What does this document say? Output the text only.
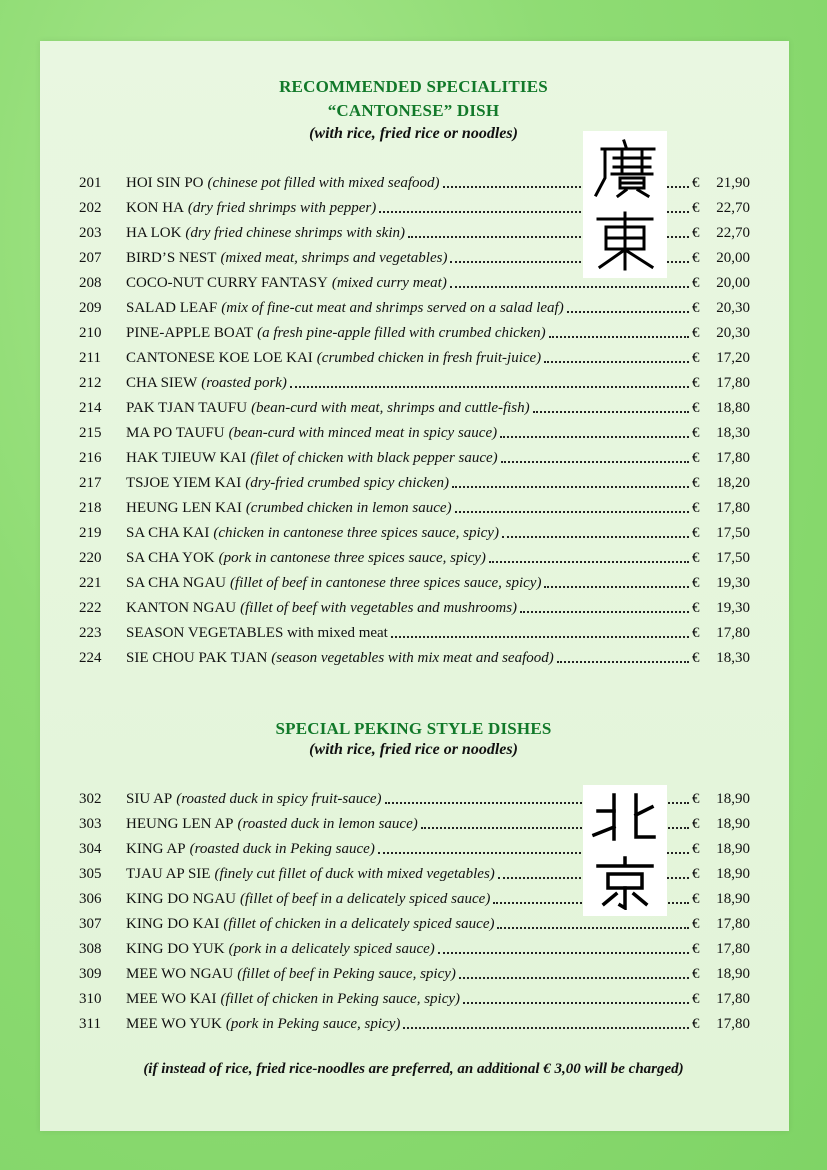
RECOMMENDED SPECIALITIES
“CANTONESE” DISH
(with rice, fried rice or noodles)
201	HOI SIN PO (chinese pot filled with mixed seafood)	€	21,90
202	KON HA (dry fried shrimps with pepper)	€	22,70
203	HA LOK (dry fried chinese shrimps with skin)	€	22,70
207	BIRD’S NEST (mixed meat, shrimps and vegetables)	€	20,00
208	COCO-NUT CURRY FANTASY (mixed curry meat)	€	20,00
209	SALAD LEAF (mix of fine-cut meat and shrimps served on a salad leaf)	€	20,30
210	PINE-APPLE BOAT (a fresh pine-apple filled with crumbed chicken)	€	20,30
211	CANTONESE KOE LOE KAI (crumbed chicken in fresh fruit-juice)	€	17,20
212	CHA SIEW (roasted pork)	€	17,80
214	PAK TJAN TAUFU (bean-curd with meat, shrimps and cuttle-fish)	€	18,80
215	MA PO TAUFU (bean-curd with minced meat in spicy sauce)	€	18,30
216	HAK TJIEUW KAI (filet of chicken with black pepper sauce)	€	17,80
217	TSJOE YIEM KAI (dry-fried crumbed spicy chicken)	€	18,20
218	HEUNG LEN KAI (crumbed chicken in lemon sauce)	€	17,80
219	SA CHA KAI (chicken in cantonese three spices sauce, spicy)	€	17,50
220	SA CHA YOK (pork in cantonese three spices sauce, spicy)	€	17,50
221	SA CHA NGAU (fillet of beef in cantonese three spices sauce, spicy)	€	19,30
222	KANTON NGAU (fillet of beef with vegetables and mushrooms)	€	19,30
223	SEASON VEGETABLES with mixed meat	€	17,80
224	SIE CHOU PAK TJAN (season vegetables with mix meat and seafood)	€	18,30
SPECIAL PEKING STYLE DISHES
(with rice, fried rice or noodles)
302	SIU AP (roasted duck in spicy fruit-sauce)	€	18,90
303	HEUNG LEN AP (roasted duck in lemon sauce)	€	18,90
304	KING AP (roasted duck in Peking sauce)	€	18,90
305	TJAU AP SIE (finely cut fillet of duck with mixed vegetables)	€	18,90
306	KING DO NGAU (fillet of beef in a delicately spiced sauce)	€	18,90
307	KING DO KAI (fillet of chicken in a delicately spiced sauce)	€	17,80
308	KING DO YUK (pork in a delicately spiced sauce)	€	17,80
309	MEE WO NGAU (fillet of beef in Peking sauce, spicy)	€	18,90
310	MEE WO KAI (fillet of chicken in Peking sauce, spicy)	€	17,80
311	MEE WO YUK (pork in Peking sauce, spicy)	€	17,80
(if instead of rice, fried rice-noodles are preferred, an additional € 3,00 will be charged)
